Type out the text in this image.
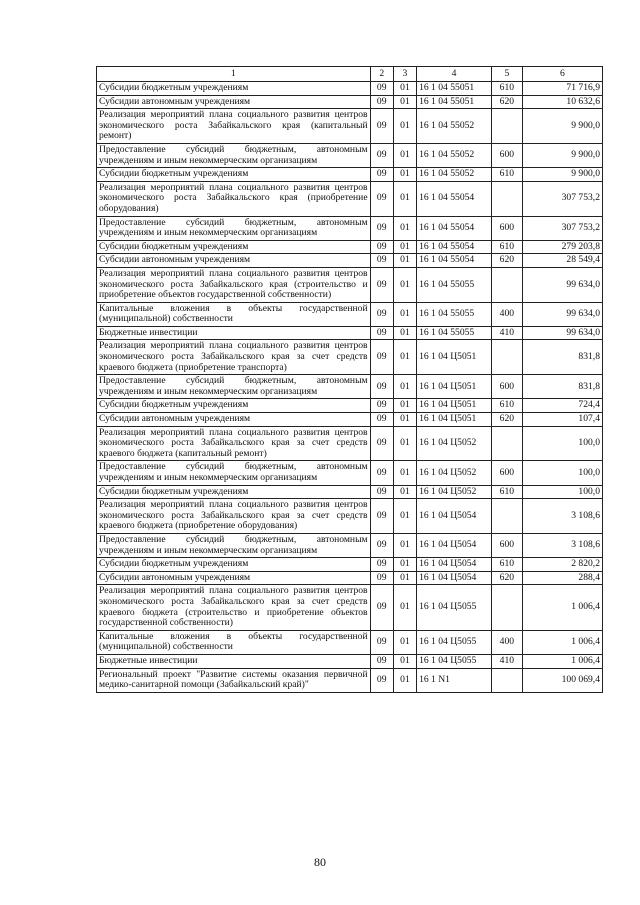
1	2	3	4	5	6
Субсидии бюджетным учреждениям	09	01	16 1 04 55051	610	71 716,9
Субсидии автономным учреждениям	09	01	16 1 04 55051	620	10 632,6
Реализация мероприятий плана социального развития центров экономического роста Забайкальского края (капитальный ремонт)	09	01	16 1 04 55052		9 900,0
Предоставление субсидий бюджетным, автономным учреждениям и иным некоммерческим организациям	09	01	16 1 04 55052	600	9 900,0
Субсидии бюджетным учреждениям	09	01	16 1 04 55052	610	9 900,0
Реализация мероприятий плана социального развития центров экономического роста Забайкальского края (приобретение оборудования)	09	01	16 1 04 55054		307 753,2
Предоставление субсидий бюджетным, автономным учреждениям и иным некоммерческим организациям	09	01	16 1 04 55054	600	307 753,2
Субсидии бюджетным учреждениям	09	01	16 1 04 55054	610	279 203,8
Субсидии автономным учреждениям	09	01	16 1 04 55054	620	28 549,4
Реализация мероприятий плана социального развития центров экономического роста Забайкальского края (строительство и приобретение объектов государственной собственности)	09	01	16 1 04 55055		99 634,0
Капитальные вложения в объекты государственной (муниципальной) собственности	09	01	16 1 04 55055	400	99 634,0
Бюджетные инвестиции	09	01	16 1 04 55055	410	99 634,0
Реализация мероприятий плана социального развития центров экономического роста Забайкальского края за счет средств краевого бюджета (приобретение транспорта)	09	01	16 1 04 Ц5051		831,8
Предоставление субсидий бюджетным, автономным учреждениям и иным некоммерческим организациям	09	01	16 1 04 Ц5051	600	831,8
Субсидии бюджетным учреждениям	09	01	16 1 04 Ц5051	610	724,4
Субсидии автономным учреждениям	09	01	16 1 04 Ц5051	620	107,4
Реализация мероприятий плана социального развития центров экономического роста Забайкальского края за счет средств краевого бюджета (капитальный ремонт)	09	01	16 1 04 Ц5052		100,0
Предоставление субсидий бюджетным, автономным учреждениям и иным некоммерческим организациям	09	01	16 1 04 Ц5052	600	100,0
Субсидии бюджетным учреждениям	09	01	16 1 04 Ц5052	610	100,0
Реализация мероприятий плана социального развития центров экономического роста Забайкальского края за счет средств краевого бюджета (приобретение оборудования)	09	01	16 1 04 Ц5054		3 108,6
Предоставление субсидий бюджетным, автономным учреждениям и иным некоммерческим организациям	09	01	16 1 04 Ц5054	600	3 108,6
Субсидии бюджетным учреждениям	09	01	16 1 04 Ц5054	610	2 820,2
Субсидии автономным учреждениям	09	01	16 1 04 Ц5054	620	288,4
Реализация мероприятий плана социального развития центров экономического роста Забайкальского края за счет средств краевого бюджета (строительство и приобретение объектов государственной собственности)	09	01	16 1 04 Ц5055		1 006,4
Капитальные вложения в объекты государственной (муниципальной) собственности	09	01	16 1 04 Ц5055	400	1 006,4
Бюджетные инвестиции	09	01	16 1 04 Ц5055	410	1 006,4
Региональный проект "Развитие системы оказания первичной медико-санитарной помощи (Забайкальский край)"	09	01	16 1 N1		100 069,4
80
